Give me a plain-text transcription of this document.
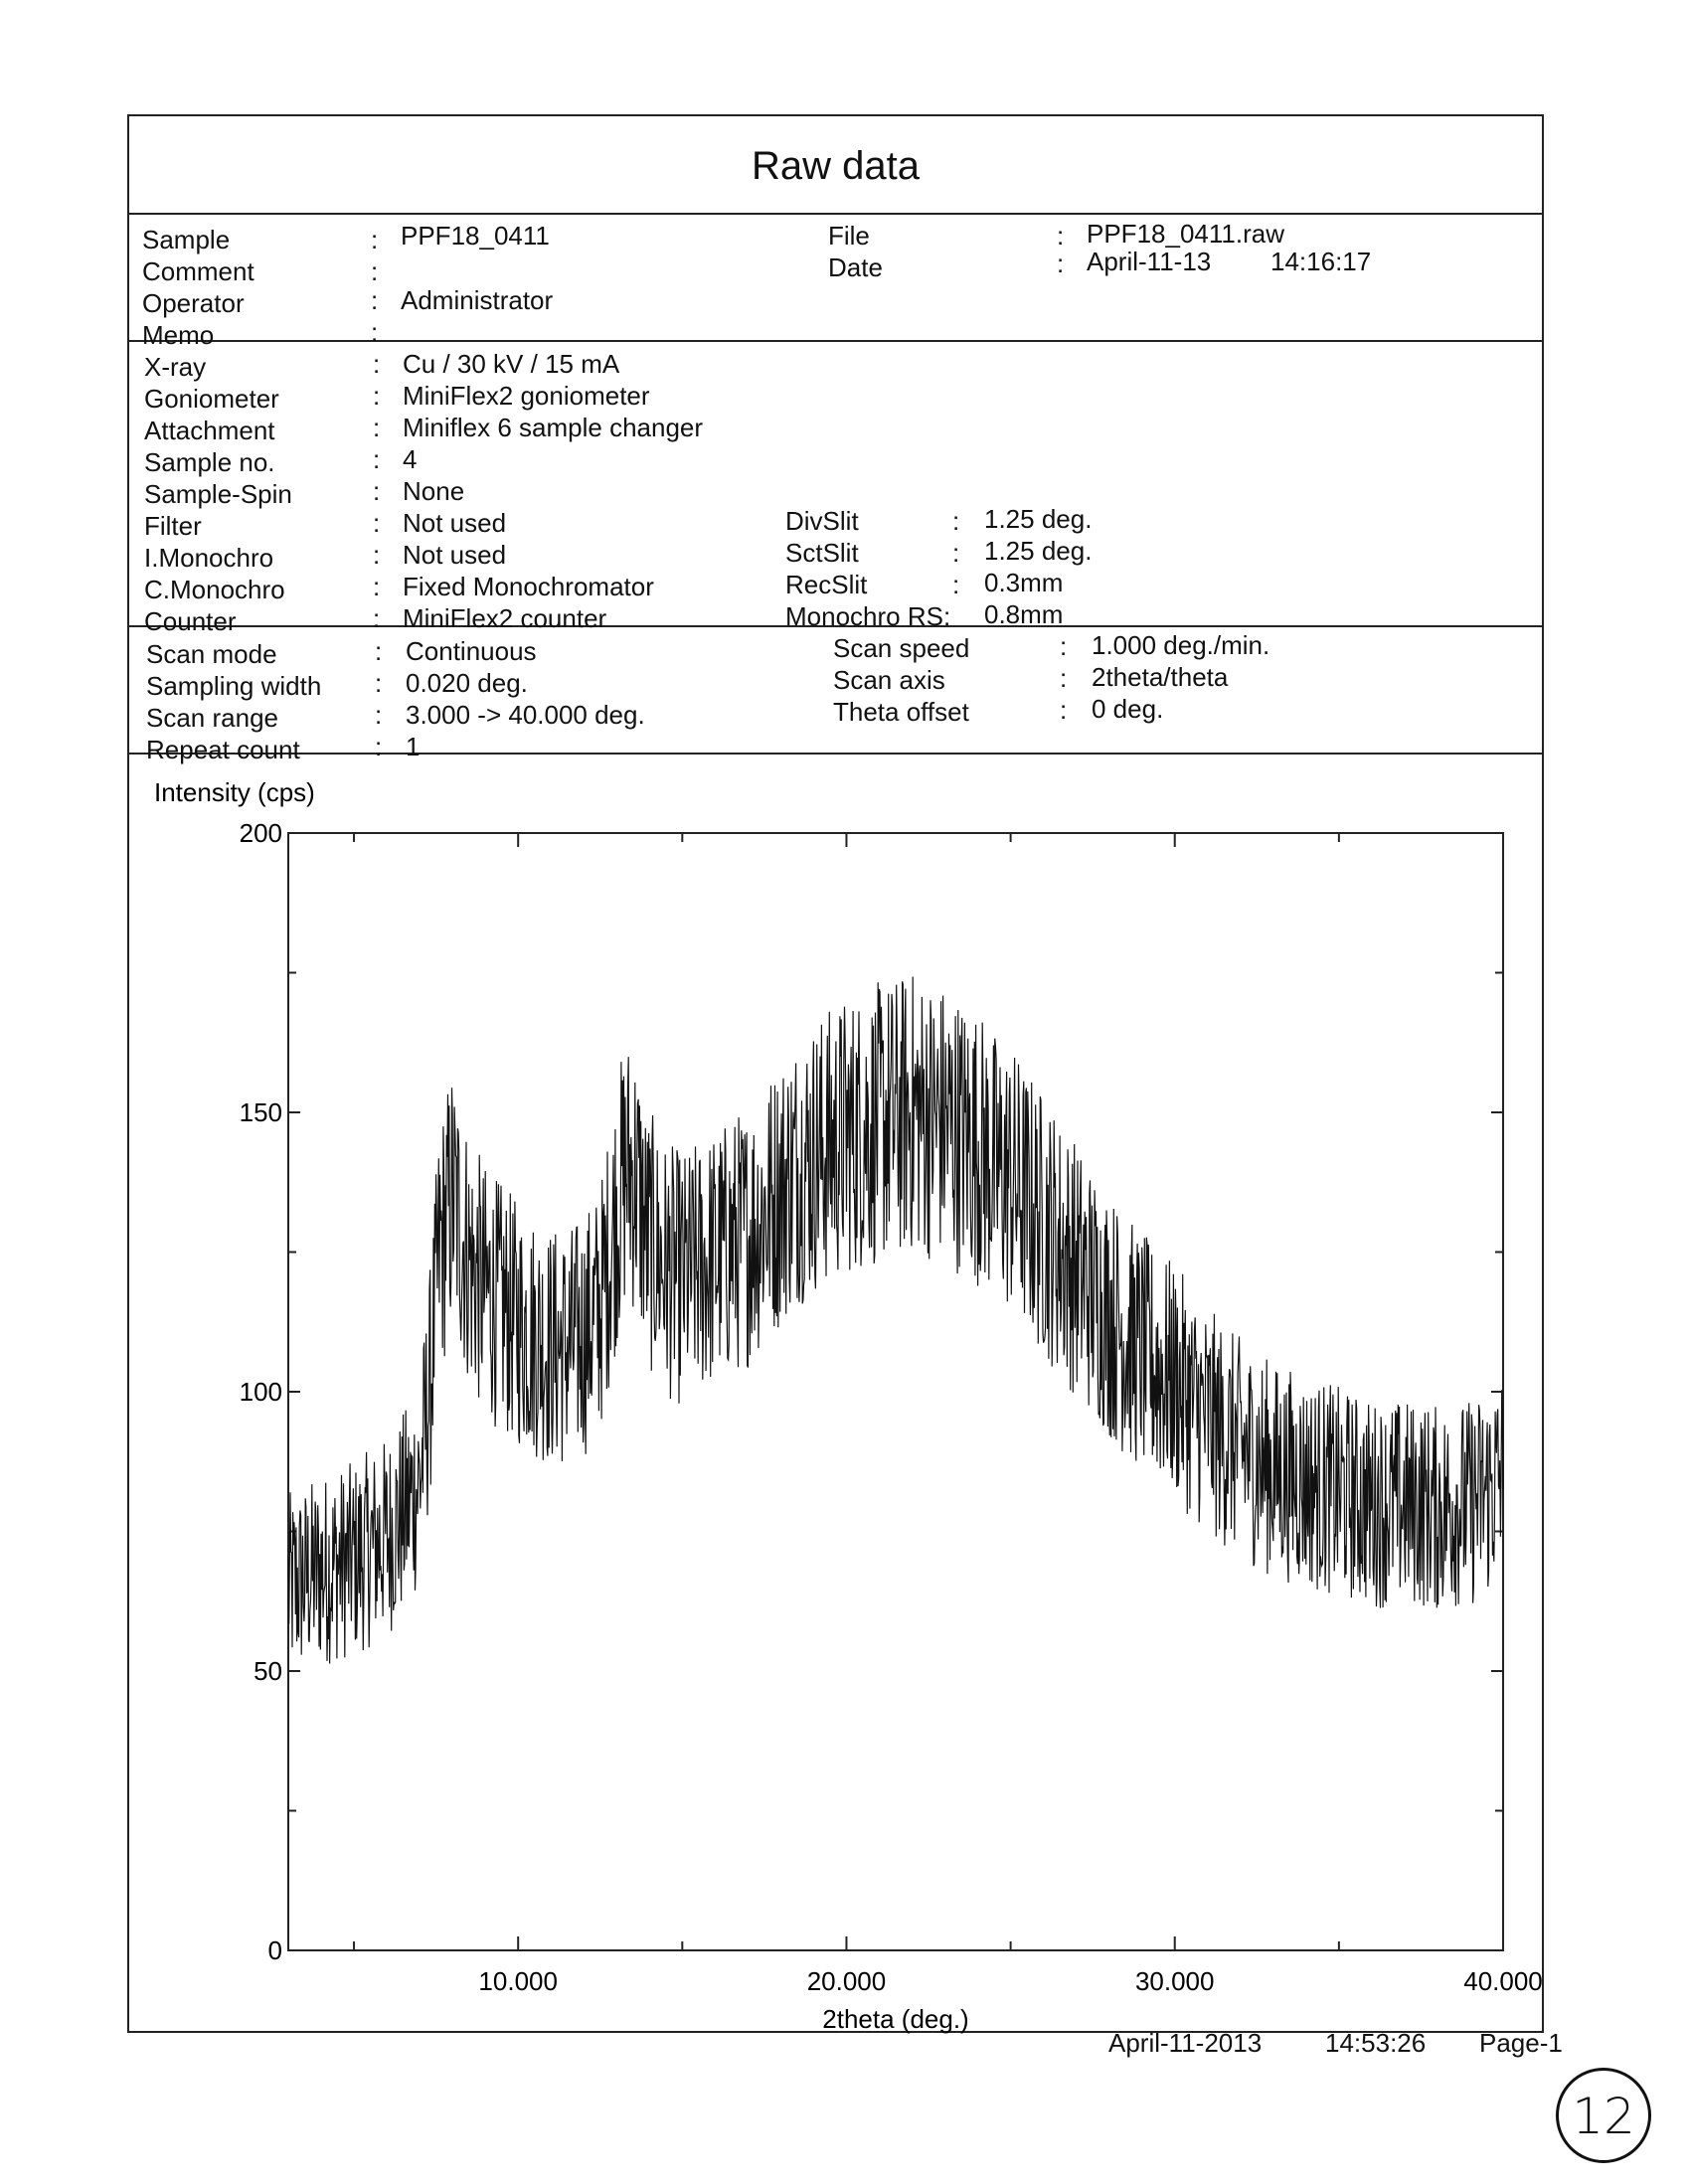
Raw data
Sample	: PPF18_0411
Comment	:
Operator	: Administrator
Memo	:
File	: PPF18_0411.raw
Date	: April-11-13 14:16:17
X-ray	: Cu / 30 kV / 15 mA
Goniometer	: MiniFlex2 goniometer
Attachment	: Miniflex 6 sample changer
Sample no.	: 4
Sample-Spin	: None
Filter	: Not used
I.Monochro	: Not used
C.Monochro	: Fixed Monochromator
Counter	: MiniFlex2 counter
DivSlit	: 1.25 deg.
SctSlit	: 1.25 deg.
RecSlit	: 0.3mm
Monochro RS: 0.8mm
Scan mode	: Continuous
Sampling width : 0.020 deg.
Scan range	: 3.000 -> 40.000 deg.
Repeat count	: 1
Scan speed	: 1.000 deg./min.
Scan axis	: 2theta/theta
Theta offset	: 0 deg.
0
50
100
150
200
10.000	20.000	30.000	40.000
Intensity (cps)
2theta (deg.)
April-11-2013 14:53:26 Page-1
12
